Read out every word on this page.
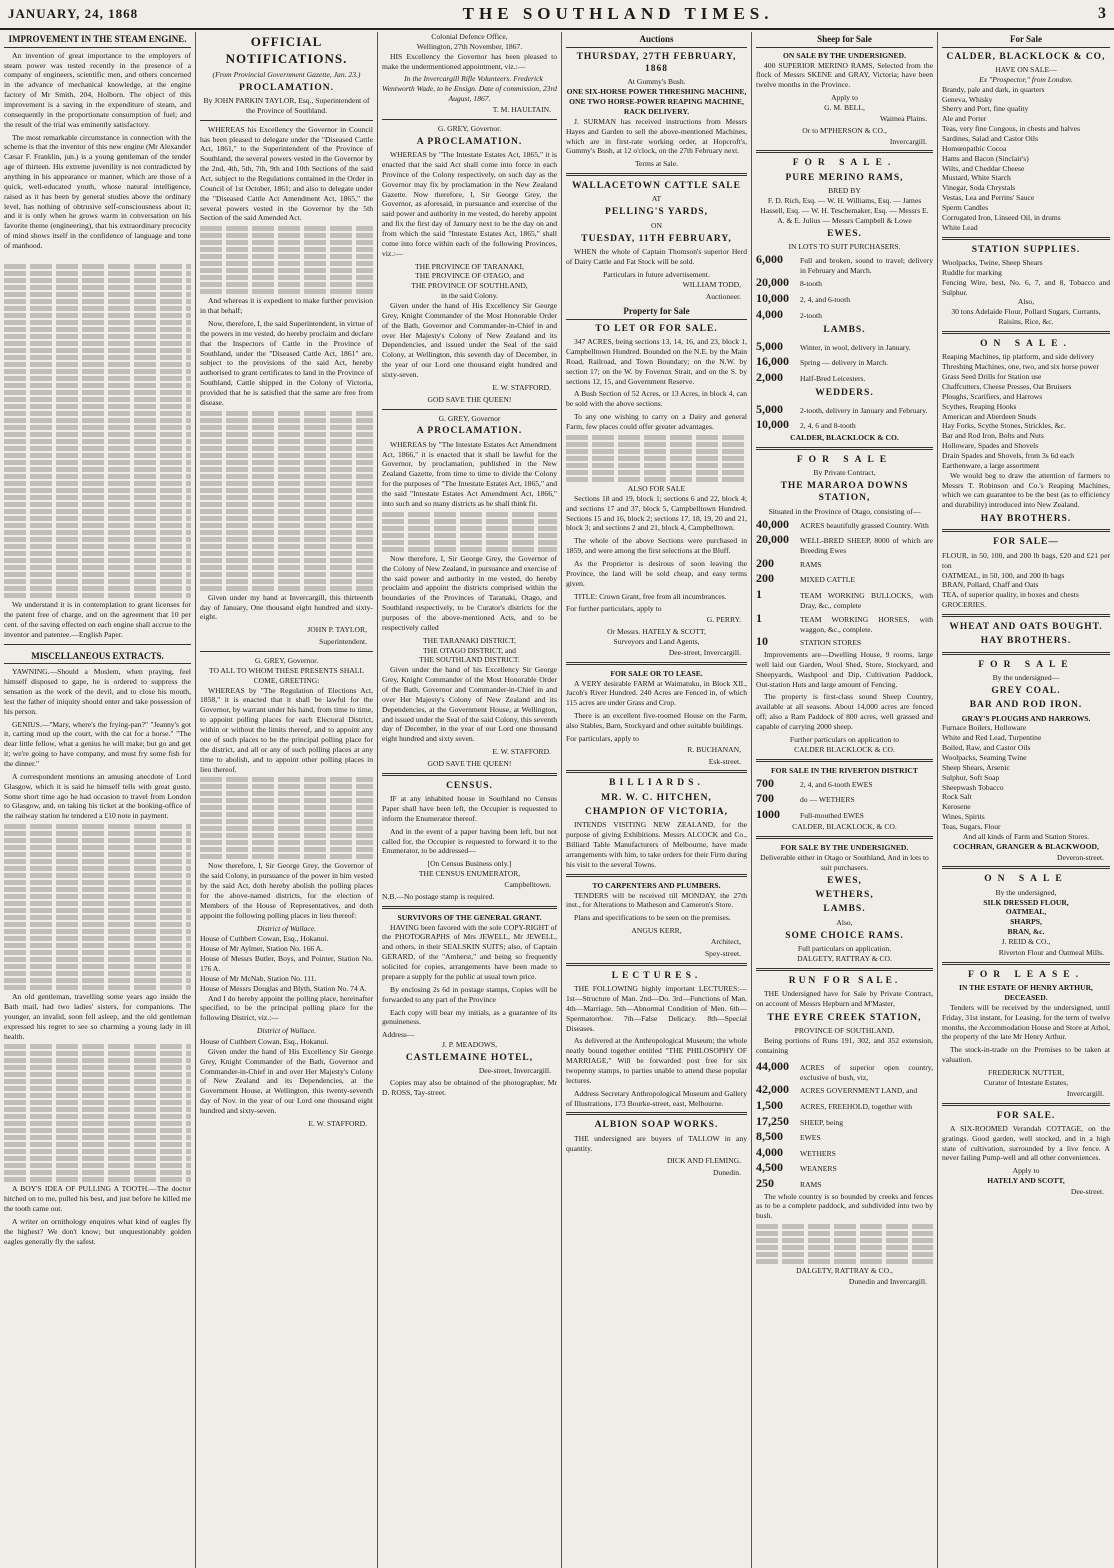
JANUARY, 24, 1868	THE SOUTHLAND TIMES.	3
IMPROVEMENT IN THE STEAM ENGINE.

An invention of great importance to the employers of steam power was tested recently in the presence of a company of engineers, scientific men, and others concerned in the advance of mechanical knowledge, at the engine factory of Mr Smith, 204, Holborn. The object of this improvement is a saving in the expenditure of steam, and consequently in the proportionate consumption of fuel; and the result of the trial was eminently satisfactory.

The most remarkable circumstance in connection with the scheme is that the inventor of this new engine (Mr Alexander Cæsar F. Franklin, jun.) is a young gentleman of the tender age of thirteen. His extreme juvenility is not contradicted by anything in his appearance or manner, which are those of a quick, well-educated youth, whose natural intelligence, raised as it has been by general studies above the ordinary level, has nothing of obtrusive self-consciousness about it; and it is only when he grows warm in conversation on his favorite theme (engineering), that his extraordinary precocity of mind shows itself in the confidence of language and tone of manhood.

We understand it is in contemplation to grant licenses for the patent free of charge, and on the agreement that 10 per cent. of the saving effected on each engine shall accrue to the inventor and patentee.—English Paper.

MISCELLANEOUS EXTRACTS.

YAWNING.—Should a Moslem, when praying, feel himself disposed to gape, he is ordered to suppress the sensation as the work of the devil, and to close his mouth, lest the father of iniquity should enter and take possession of his person.

GENIUS.—"Mary, where's the frying-pan?" "Jeanny's got it, carting mud up the court, with the cat for a horse." "The dear little fellow, what a genius he will make; but go and get it; we're going to have company, and must fry some fish for the dinner."

A correspondent mentions an amusing anecdote of Lord Glasgow, which it is said he himself tells with great gusto. Some short time ago he had occasion to travel from London to Glasgow, and, on taking his ticket at the booking-office of the railway station he tendered a £10 note in payment.

An old gentleman, travelling some years ago inside the Bath mail, had two ladies' sisters, for companions. The younger, an invalid, soon fell asleep, and the old gentleman expressed his regret to see so charming a young lady in ill health.

A BOY'S IDEA OF PULLING A TOOTH.—The doctor hitched on to me, pulled his best, and just before he killed me the tooth came out.

A writer on ornithology enquires what kind of eagles fly the highest? We don't know; but unquestionably golden eagles generally fly the safest.

OFFICIAL NOTIFICATIONS.
(From Provincial Government Gazette, Jan. 23.)
PROCLAMATION.
By JOHN PARKIN TAYLOR, Esq., Superintendent of the Province of Southland.

WHEREAS his Excellency the Governor in Council has been pleased to delegate under the "Diseased Cattle Act, 1861," to the Superintendent of the Province of Southland, the several powers vested in the Governor by the 2nd, 4th, 5th, 7th, 9th and 10th Sections of the said Act, subject to the Regulations contained in the Order in Council of 1st October, 1861; and also to delegate under the "Diseased Cattle Act Amendment Act, 1865," the several powers vested in the Governor by the 5th Section of the said Amended Act.

And whereas it is expedient to make further provision in that behalf;

Now, therefore, I, the said Superintendent, in virtue of the powers in me vested, do hereby proclaim and declare that the Inspectors of Cattle in the Province of Southland, under the "Diseased Cattle Act, 1861" are, subject to the provisions of the said Act, hereby authorised to grant certificates to land in the Province of Southland, Cattle shipped in the Colony of Victoria, provided that he is satisfied that the same are free from disease.

Given under my hand at Invercargill, this thirteenth day of January, One thousand eight hundred and sixty-eight.

JOHN P. TAYLOR,
Superintendent.
G. GREY, Governor.
TO ALL TO WHOM THESE PRESENTS SHALL COME, GREETING:

WHEREAS by "The Regulation of Elections Act, 1858," it is enacted that it shall be lawful for the Governor, by warrant under his hand, from time to time, to appoint polling places for each Electoral District, within or without the limits thereof, and to appoint any one of such places to be the principal polling place for the district, and all or any of such polling places at any time to abolish, and to appoint other polling places in lieu thereof.

Now therefore, I, Sir George Grey, the Governor of the said Colony, in pursuance of the power in him vested by the said Act, doth hereby abolish the polling places for the above-named districts, for the election of Members of the House of Representatives, and doth appoint the following polling places in lieu thereof:

District of Wallace.
House of Cuthbert Cowan, Esq., Hokanui.
House of Mr Aylmer, Station No. 166 A.
House of Messrs Butler, Boys, and Pointer, Station No. 176 A.
House of Mr McNab, Station No. 111.
House of Messrs Douglas and Blyth, Station No. 74 A.

And I do hereby appoint the polling place, hereinafter specified, to be the principal polling place for the following District, viz.:—

District of Wallace.
House of Cuthbert Cowan, Esq., Hokanui.

Given under the hand of His Excellency Sir George Grey, Knight Commander of the Bath, Governor and Commander-in-Chief in and over Her Majesty's Colony of New Zealand and its Dependencies, at the Government House, at Wellington, this twenty-seventh day of Nov. in the year of our Lord one thousand eight hundred and sixty-seven.

E. W. STAFFORD.
Colonial Defence Office,
Wellington, 27th November, 1867.

HIS Excellency the Governor has been pleased to make the undermentioned appointment, viz.:—

In the Invercargill Rifle Volunteers. Frederick Wentworth Wade, to be Ensign. Date of commission, 23rd August, 1867.

T. M. HAULTAIN.
G. GREY, Governor.
A PROCLAMATION.

WHEREAS by "The Intestate Estates Act, 1865," it is enacted that the said Act shall come into force in each Province of the Colony respectively, on such day as the Governor may fix by proclamation in the New Zealand Gazette. Now therefore, I, Sir George Grey, the Governor, as aforesaid, in pursuance and exercise of the said power and authority in me vested, do hereby appoint and fix the first day of January next to be the day on and from which the said "Intestate Estates Act, 1865," shall come into force within each of the following Provinces, viz.:—

THE PROVINCE OF TARANAKI,
THE PROVINCE OF OTAGO, and
THE PROVINCE OF SOUTHLAND,
in the said Colony.

Given under the hand of His Excellency Sir George Grey, Knight Commander of the Most Honorable Order of the Bath, Governor and Commander-in-Chief in and over Her Majesty's Colony of New Zealand and its Dependencies, and issued under the Seal of the said Colony, at Wellington, this seventh day of December, in the year of our Lord one thousand eight hundred and sixty-seven.

E. W. STAFFORD.
GOD SAVE THE QUEEN!
G. GREY, Governor
A PROCLAMATION.

WHEREAS by "The Intestate Estates Act Amendment Act, 1866," it is enacted that it shall be lawful for the Governor, by proclamation, published in the New Zealand Gazette, from time to time to divide the Colony for the purposes of "The Intestate Estates Act, 1865," and the said "Intestate Estates Act Amendment Act, 1866," into such and so many districts as he shall think fit.

Now therefore, I, Sir George Grey, the Governor of the Colony of New Zealand, in pursuance and exercise of the said power and authority in me vested, do hereby proclaim and appoint the districts comprised within the boundaries of the Provinces of Taranaki, Otago, and Southland respectively, to be Curator's districts for the purposes of the above-mentioned Acts, and to be respectively called

THE TARANAKI DISTRICT,
THE OTAGO DISTRICT, and
THE SOUTHLAND DISTRICT.

Given under the hand of his Excellency Sir George Grey, Knight Commander of the Most Honorable Order of the Bath, Governor and Commander-in-Chief in and over Her Majesty's Colony of New Zealand and its Dependencies, at the Government House, at Wellington, and issued under the Seal of the said Colony, this seventh day of December, in the year of our Lord one thousand eight hundred and sixty seven.

E. W. STAFFORD.
GOD SAVE THE QUEEN!
CENSUS.

IF at any inhabited house in Southland no Census Paper shall have been left, the Occupier is requested to inform the Enumerator thereof.

And in the event of a paper having been left, but not called for, the Occupier is requested to forward it to the Enumerator, to be addressed—

[On Census Business only.]
THE CENSUS ENUMERATOR,
Campbelltown.
N.B.—No postage stamp is required.
SURVIVORS OF THE GENERAL GRANT.

HAVING been favored with the sole COPY-RIGHT of the PHOTOGRAPHS of Mrs JEWELL, Mr JEWELL, and others, in their SEALSKIN SUITS; also, of Captain GERARD, of the "Amherst," and being so frequently solicited for copies, arrangements have been made to prepare a supply for the public at usual town price.

By enclosing 2s 6d in postage stamps, Copies will be forwarded to any part of the Province

Each copy will bear my initials, as a guarantee of its genuineness.

Address—
J. P. MEADOWS,
CASTLEMAINE HOTEL,
Dee-street, Invercargill.

Copies may also be obtained of the photographer, Mr D. ROSS, Tay-street.

Auctions
THURSDAY, 27TH FEBRUARY, 1868
At Gummy's Bush.
ONE SIX-HORSE POWER THRESHING MACHINE, ONE TWO HORSE-POWER REAPING MACHINE, RACK DELIVERY.

J. SURMAN has received instructions from Messrs Hayes and Garden to sell the above-mentioned Machines, which are in first-rate working order, at Hopcroft's, Gummy's Bush, at 12 o'clock, on the 27th February next.

Terms at Sale.
WALLACETOWN CATTLE SALE
AT
PELLING'S YARDS,
ON
TUESDAY, 11TH FEBRUARY,

WHEN the whole of Captain Thomson's superior Herd of Dairy Cattle and Fat Stock will be sold.

Particulars in future advertisement.
WILLIAM TODD,
Auctioneer.
Property for Sale
TO LET OR FOR SALE.

347 ACRES, being sections 13, 14, 16, and 23, block 1, Campbelltown Hundred. Bounded on the N.E. by the Main Road, Railroad, and Town Boundary; on the N.W. by section 17; on the W. by Fovenux Strait, and on the S. by sections 12, 15, and Government Reserve.

A Bush Section of 52 Acres, or 13 Acres, in block 4, can be sold with the above sections.

To any one wishing to carry on a Dairy and general Farm, few places could offer greater advantages.

ALSO FOR SALE

Sections 18 and 19, block 1; sections 6 and 22, block 4; and sections 17 and 37, block 5, Campbelltown Hundred. Sections 15 and 16, block 2; sections 17, 18, 19, 20 and 21, block 3; and sections 2 and 21, block 4, Campbelltown.

The whole of the above Sections were purchased in 1859, and were among the first selections at the Bluff.

As the Proprietor is desirous of soon leaving the Province, the land will be sold cheap, and easy terms given.

TITLE: Crown Grant, free from all incumbrances.

For further particulars, apply to
G. PERRY.
Or Messrs. HATELY & SCOTT,
Surveyors and Land Agents,
Dee-street, Invercargill.
FOR SALE OR TO LEASE.

A VERY desirable FARM at Waimatuku, in Block XII., Jacob's River Hundred. 240 Acres are Fenced in, of which 115 acres are under Grass and Crop.

There is an excellent five-roomed House on the Farm, also Stables, Barn, Stockyard and other suitable buildings.

For particulars, apply to
R. BUCHANAN,
Esk-street.
BILLIARDS.
MR. W. C. HITCHEN,
CHAMPION OF VICTORIA,

INTENDS VISITING NEW ZEALAND, for the purpose of giving Exhibitions. Messrs ALCOCK and Co., Billiard Table Manufacturers of Melbourne, have made arrangements with him, to take orders for their Firm during his visit to the several Towns.

TO CARPENTERS AND PLUMBERS.

TENDERS will be received till MONDAY, the 27th inst., for Alterations to Matheson and Cameron's Store.

Plans and specifications to be seen on the premises.

ANGUS KERR,
Architect,
Spey-street.
LECTURES.

THE FOLLOWING highly important LECTURES:—1st—Structure of Man. 2nd—Do. 3rd—Functions of Man. 4th—Marriage. 5th—Abnormal Condition of Men. 6th—Spermatorrhoe. 7th—False Delicacy. 8th—Special Diseases.

As delivered at the Anthropological Museum; the whole neatly bound together entitled "THE PHILOSOPHY OF MARRIAGE," Will be forwarded post free for six twopenny stamps, to parties unable to attend these popular lectures.

Address Secretary Anthropological Museum and Gallery of Illustrations, 173 Bourke-street, east, Melbourne.

ALBION SOAP WORKS.

THE undersigned are buyers of TALLOW in any quantity.

DICK AND FLEMING.
Dunedin.
Sheep for Sale
ON SALE BY THE UNDERSIGNED.

400 SUPERIOR MERINO RAMS, Selected from the flock of Messrs SKENE and GRAY, Victoria; have been twelve months in the Province.

Apply to
G. M. BELL,
Waimea Plains.
Or to M'PHERSON & CO.,
Invercargill.
FOR SALE.
PURE MERINO RAMS,
BRED BY
F. D. Rich, Esq. — W. H. Williams, Esq. — James Hassell, Esq. — W. H. Teschemaker, Esq. — Messrs E. A. & E. Julius — Messrs Campbell & Lowe
EWES.
IN LOTS TO SUIT PURCHASERS.
6,000	Full and broken, sound to travel; delivery in February and March.
20,000	8-tooth
10,000	2, 4, and 6-tooth
4,000	2-tooth
LAMBS.
5,000	Winter, in wool, delivery in January.
16,000	Spring — delivery in March.
2,000	Half-Bred Leicesters.
WEDDERS.
5,000	2-tooth, delivery in January and February.
10,000	2, 4, 6 and 8-tooth
CALDER, BLACKLOCK & CO.
FOR SALE
By Private Contract,
THE MARAROA DOWNS STATION,
Situated in the Province of Otago, consisting of—
40,000	ACRES beautifully grassed Country. With
20,000	WELL-BRED SHEEP, 8000 of which are Breeding Ewes
200	RAMS
200	MIXED CATTLE
1	TEAM WORKING BULLOCKS, with Dray, &c., complete
1	TEAM WORKING HORSES, with waggon, &c., complete.
10	STATION STORES

Improvements are—Dwelling House, 9 rooms, large well laid out Garden, Wool Shed, Store, Stockyard, and Sheepyards, Washpool and Dip, Cultivation Paddock, Out-station Huts and large amount of Fencing.

The property is first-class sound Sheep Country, available at all seasons. About 14,000 acres are fenced off; also a Ram Paddock of 800 acres, well grassed and capable of carrying 2000 sheep.

Further particulars on application to
CALDER BLACKLOCK & CO.
FOR SALE IN THE RIVERTON DISTRICT
700	2, 4, and 6-tooth EWES
700	do — WETHERS
1000	Full-mouthed EWES
CALDER, BLACKLOCK, & CO.
FOR SALE BY THE UNDERSIGNED.
Deliverable either in Otago or Southland, And in lots to suit purchasers.
EWES,
WETHERS,
LAMBS.
Also,
SOME CHOICE RAMS.
Full particulars on application.
DALGETY, RATTRAY & CO.
RUN FOR SALE.

THE Undersigned have for Sale by Private Contract, on account of Messrs Hepburn and M'Master,

THE EYRE CREEK STATION,
PROVINCE OF SOUTHLAND.

Being portions of Runs 191, 302, and 352 extension, containing

44,000	ACRES of superior open country, exclusive of bush, viz,
42,000	ACRES GOVERNMENT LAND, and
1,500	ACRES, FREEHOLD, together with
17,250	SHEEP, being
8,500	EWES
4,000	WETHERS
4,500	WEANERS
250	RAMS

The whole country is so bounded by creeks and fences as to be a complete paddock, and subdivided into two by bush.

DALGETY, RATTRAY & CO.,
Dunedin and Invercargill.
For Sale
CALDER, BLACKLOCK & CO,
HAVE ON SALE—
Ex "Prospector," from London.
Brandy, pale and dark, in quarters
Geneva, Whisky
Sherry and Port, fine quality
Ale and Porter
Teas, very fine Congous, in chests and halves
Sardines, Salad and Castor Oils
Homœopathic Cocoa
Hams and Bacon (Sinclair's)
Wilts, and Cheddar Cheese
Mustard, White Starch
Vinegar, Soda Chrystals
Vestas, Lea and Perrins' Sauce
Sperm Candles
Corrugated Iron, Linseed Oil, in drums
White Lead
STATION SUPPLIES.
Woolpacks, Twine, Sheep Shears
Ruddle for marking
Fencing Wire, best, No. 6, 7, and 8, Tobacco and Sulphur.
Also,
30 tons Adelaide Flour, Pollard Sugars, Currants, Raisins, Rice, &c.
ON SALE.
Reaping Machines, tip platform, and side delivery
Threshing Machines, one, two, and six horse power
Grass Seed Drills for Station use
Chaffcutters, Cheese Presses, Oat Bruisers
Ploughs, Scarifiers, and Harrows
Scythes, Reaping Hooks
American and Aberdeen Snuds
Hay Forks, Scythe Stones, Strickles, &c.
Bar and Rod Iron, Bolts and Nuts
Holloware, Spades and Shovels
Drain Spades and Shovels, from 3s 6d each
Earthenware, a large assortment

We would beg to draw the attention of farmers to Messrs T. Robinson and Co.'s Reaping Machines, which we can guarantee to be the best (as to efficiency and durability) introduced into New Zealand.

HAY BROTHERS.
FOR SALE—
FLOUR, in 50, 100, and 200 lb bags, £20 and £21 per ton
OATMEAL, in 50, 100, and 200 lb bags
BRAN, Pollard, Chaff and Oats
TEA, of superior quality, in boxes and chests
GROCERIES.
WHEAT AND OATS BOUGHT.
HAY BROTHERS.
FOR SALE
By the undersigned—
GREY COAL.
BAR AND ROD IRON.
GRAY'S PLOUGHS AND HARROWS.
Furnace Boilers, Holloware
White and Red Lead, Turpentine
Boiled, Raw, and Castor Oils
Woolpacks, Seaming Twine
Sheep Shears, Arsenic
Sulphur, Soft Soap
Sheepwash Tobacco
Rock Salt
Kerosene
Wines, Spirits
Teas, Sugars, Flour
And all kinds of Farm and Station Stores.
COCHRAN, GRANGER & BLACKWOOD,
Deveron-street.
ON SALE
By the undersigned,
SILK DRESSED FLOUR,
OATMEAL,
SHARPS,
BRAN, &c.
J. REID & CO.,
Riverton Flour and Oatmeal Mills.
FOR LEASE.
IN THE ESTATE OF HENRY ARTHUR, DECEASED.

Tenders will be received by the undersigned, until Friday, 31st instant, for Leasing, for the term of twelve months, the Accommodation House and Store at Athol, the property of the late Mr Henry Arthur.

The stock-in-trade on the Premises to be taken at valuation.

FREDERICK NUTTER,
Curator of Intestate Estates,
Invercargill.
FOR SALE.

A SIX-ROOMED Verandah COTTAGE, on the gratings. Good garden, well stocked, and in a high state of cultivation, surrounded by a live fence. A never failing Pump-well and all other conveniences.

Apply to
HATELY AND SCOTT,
Dee-street.
